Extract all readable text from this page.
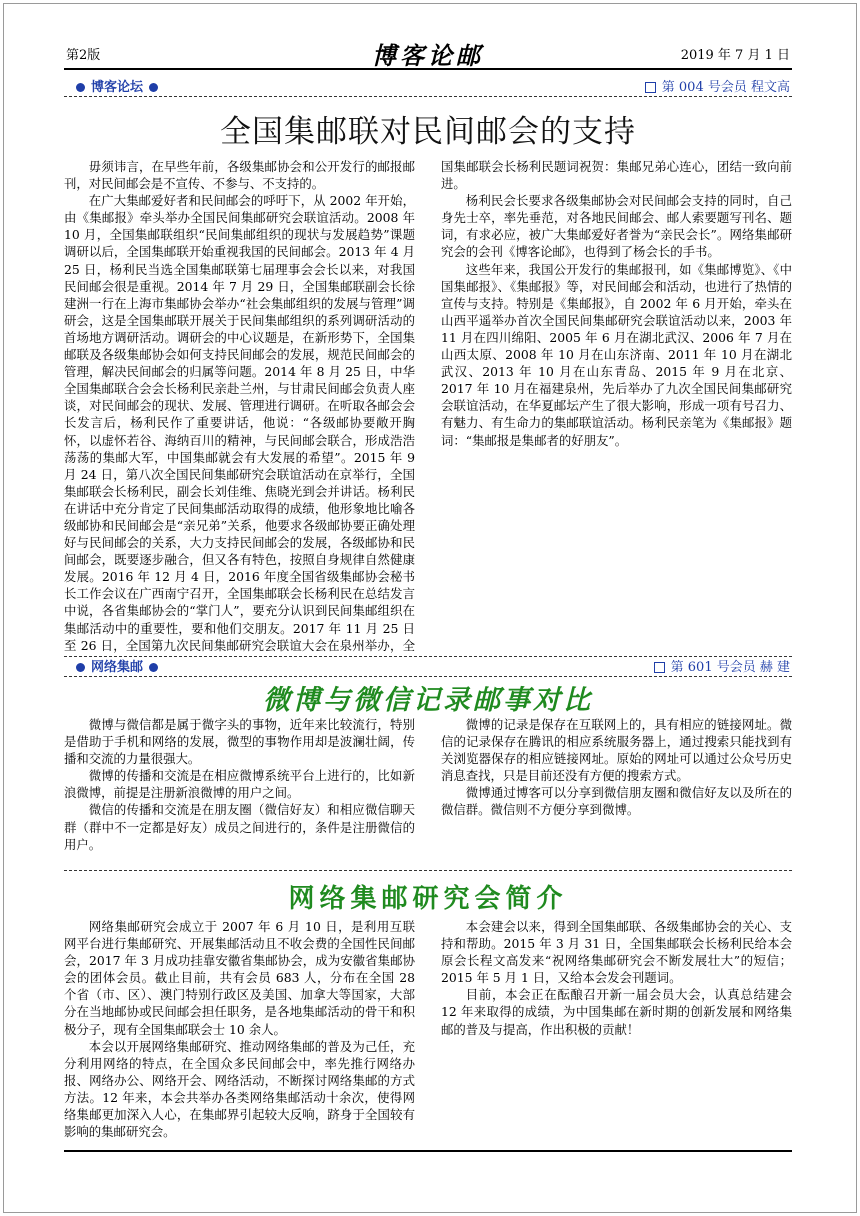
第2版	博客论邮	2019 年 7 月 1 日
博客论坛	第 004 号会员 程文高
全国集邮联对民间邮会的支持

毋须讳言，在早些年前，各级集邮协会和公开发行的邮报邮刊，对民间邮会是不宣传、不参与、不支持的。

在广大集邮爱好者和民间邮会的呼吁下，从 2002 年开始，由《集邮报》牵头举办全国民间集邮研究会联谊活动。2008 年 10 月，全国集邮联组织“民间集邮组织的现状与发展趋势”课题调研以后，全国集邮联开始重视我国的民间邮会。2013 年 4 月 25 日，杨利民当选全国集邮联第七届理事会会长以来，对我国民间邮会很是重视。2014 年 7 月 29 日，全国集邮联副会长徐建洲一行在上海市集邮协会举办“社会集邮组织的发展与管理”调研会，这是全国集邮联开展关于民间集邮组织的系列调研活动的首场地方调研活动。调研会的中心议题是，在新形势下，全国集邮联及各级集邮协会如何支持民间邮会的发展，规范民间邮会的管理，解决民间邮会的归属等问题。2014 年 8 月 25 日，中华全国集邮联合会会长杨利民亲赴兰州，与甘肃民间邮会负责人座谈，对民间邮会的现状、发展、管理进行调研。在听取各邮会会长发言后，杨利民作了重要讲话，他说：“各级邮协要敞开胸怀，以虚怀若谷、海纳百川的精神，与民间邮会联合，形成浩浩荡荡的集邮大军，中国集邮就会有大发展的希望”。2015 年 9 月 24 日，第八次全国民间集邮研究会联谊活动在京举行，全国集邮联会长杨利民，副会长刘佳维、焦晓光到会并讲话。杨利民在讲话中充分肯定了民间集邮活动取得的成绩，他形象地比喻各级邮协和民间邮会是“亲兄弟”关系，他要求各级邮协要正确处理好与民间邮会的关系，大力支持民间邮会的发展，各级邮协和民间邮会，既要逐步融合，但又各有特色，按照自身规律自然健康发展。2016 年 12 月 4 日，2016 年度全国省级集邮协会秘书长工作会议在广西南宁召开，全国集邮联会长杨利民在总结发言中说，各省集邮协会的“掌门人”，要充分认识到民间集邮组织在集邮活动中的重要性，要和他们交朋友。2017 年 11 月 25 日至 26 日，全国第九次民间集邮研究会联谊大会在泉州举办，全国集邮联会长杨利民题词祝贺：集邮兄弟心连心，团结一致向前进。

杨利民会长要求各级集邮协会对民间邮会支持的同时，自己身先士卒，率先垂范，对各地民间邮会、邮人索要题写刊名、题词，有求必应，被广大集邮爱好者誉为“亲民会长”。网络集邮研究会的会刊《博客论邮》，也得到了杨会长的手书。

这些年来，我国公开发行的集邮报刊，如《集邮博览》、《中国集邮报》、《集邮报》等，对民间邮会和活动，也进行了热情的宣传与支持。特别是《集邮报》，自 2002 年 6 月开始，牵头在山西平遥举办首次全国民间集邮研究会联谊活动以来，2003 年 11 月在四川绵阳、2005 年 6 月在湖北武汉、2006 年 7 月在山西太原、2008 年 10 月在山东济南、2011 年 10 月在湖北武汉、2013 年 10 月在山东青岛、2015 年 9 月在北京、2017 年 10 月在福建泉州，先后举办了九次全国民间集邮研究会联谊活动，在华夏邮坛产生了很大影响，形成一项有号召力、有魅力、有生命力的集邮联谊活动。杨利民亲笔为《集邮报》题词：“集邮报是集邮者的好朋友”。

网络集邮	第 601 号会员 赫 建
微博与微信记录邮事对比

微博与微信都是属于微字头的事物，近年来比较流行，特别是借助于手机和网络的发展，微型的事物作用却是波澜壮阔，传播和交流的力量很强大。

微博的传播和交流是在相应微博系统平台上进行的，比如新浪微博，前提是注册新浪微博的用户之间。

微信的传播和交流是在朋友圈（微信好友）和相应微信聊天群（群中不一定都是好友）成员之间进行的，条件是注册微信的用户。

微博的记录是保存在互联网上的，具有相应的链接网址。微信的记录保存在腾讯的相应系统服务器上，通过搜索只能找到有关浏览器保存的相应链接网址。原始的网址可以通过公众号历史消息查找，只是目前还没有方便的搜索方式。

微博通过博客可以分享到微信朋友圈和微信好友以及所在的微信群。微信则不方便分享到微博。

网络集邮研究会简介

网络集邮研究会成立于 2007 年 6 月 10 日，是利用互联网平台进行集邮研究、开展集邮活动且不收会费的全国性民间邮会，2017 年 3 月成功挂靠安徽省集邮协会，成为安徽省集邮协会的团体会员。截止目前，共有会员 683 人，分布在全国 28 个省（市、区）、澳门特别行政区及美国、加拿大等国家，大部分在当地邮协或民间邮会担任职务，是各地集邮活动的骨干和积极分子，现有全国集邮联会士 10 余人。

本会以开展网络集邮研究、推动网络集邮的普及为己任，充分利用网络的特点，在全国众多民间邮会中，率先推行网络办报、网络办公、网络开会、网络活动，不断探讨网络集邮的方式方法。12 年来，本会共举办各类网络集邮活动十余次，使得网络集邮更加深入人心，在集邮界引起较大反响，跻身于全国较有影响的集邮研究会。

本会建会以来，得到全国集邮联、各级集邮协会的关心、支持和帮助。2015 年 3 月 31 日，全国集邮联会长杨利民给本会原会长程文高发来“祝网络集邮研究会不断发展壮大”的短信；2015 年 5 月 1 日，又给本会发会刊题词。

目前，本会正在酝酿召开新一届会员大会，认真总结建会 12 年来取得的成绩，为中国集邮在新时期的创新发展和网络集邮的普及与提高，作出积极的贡献！
